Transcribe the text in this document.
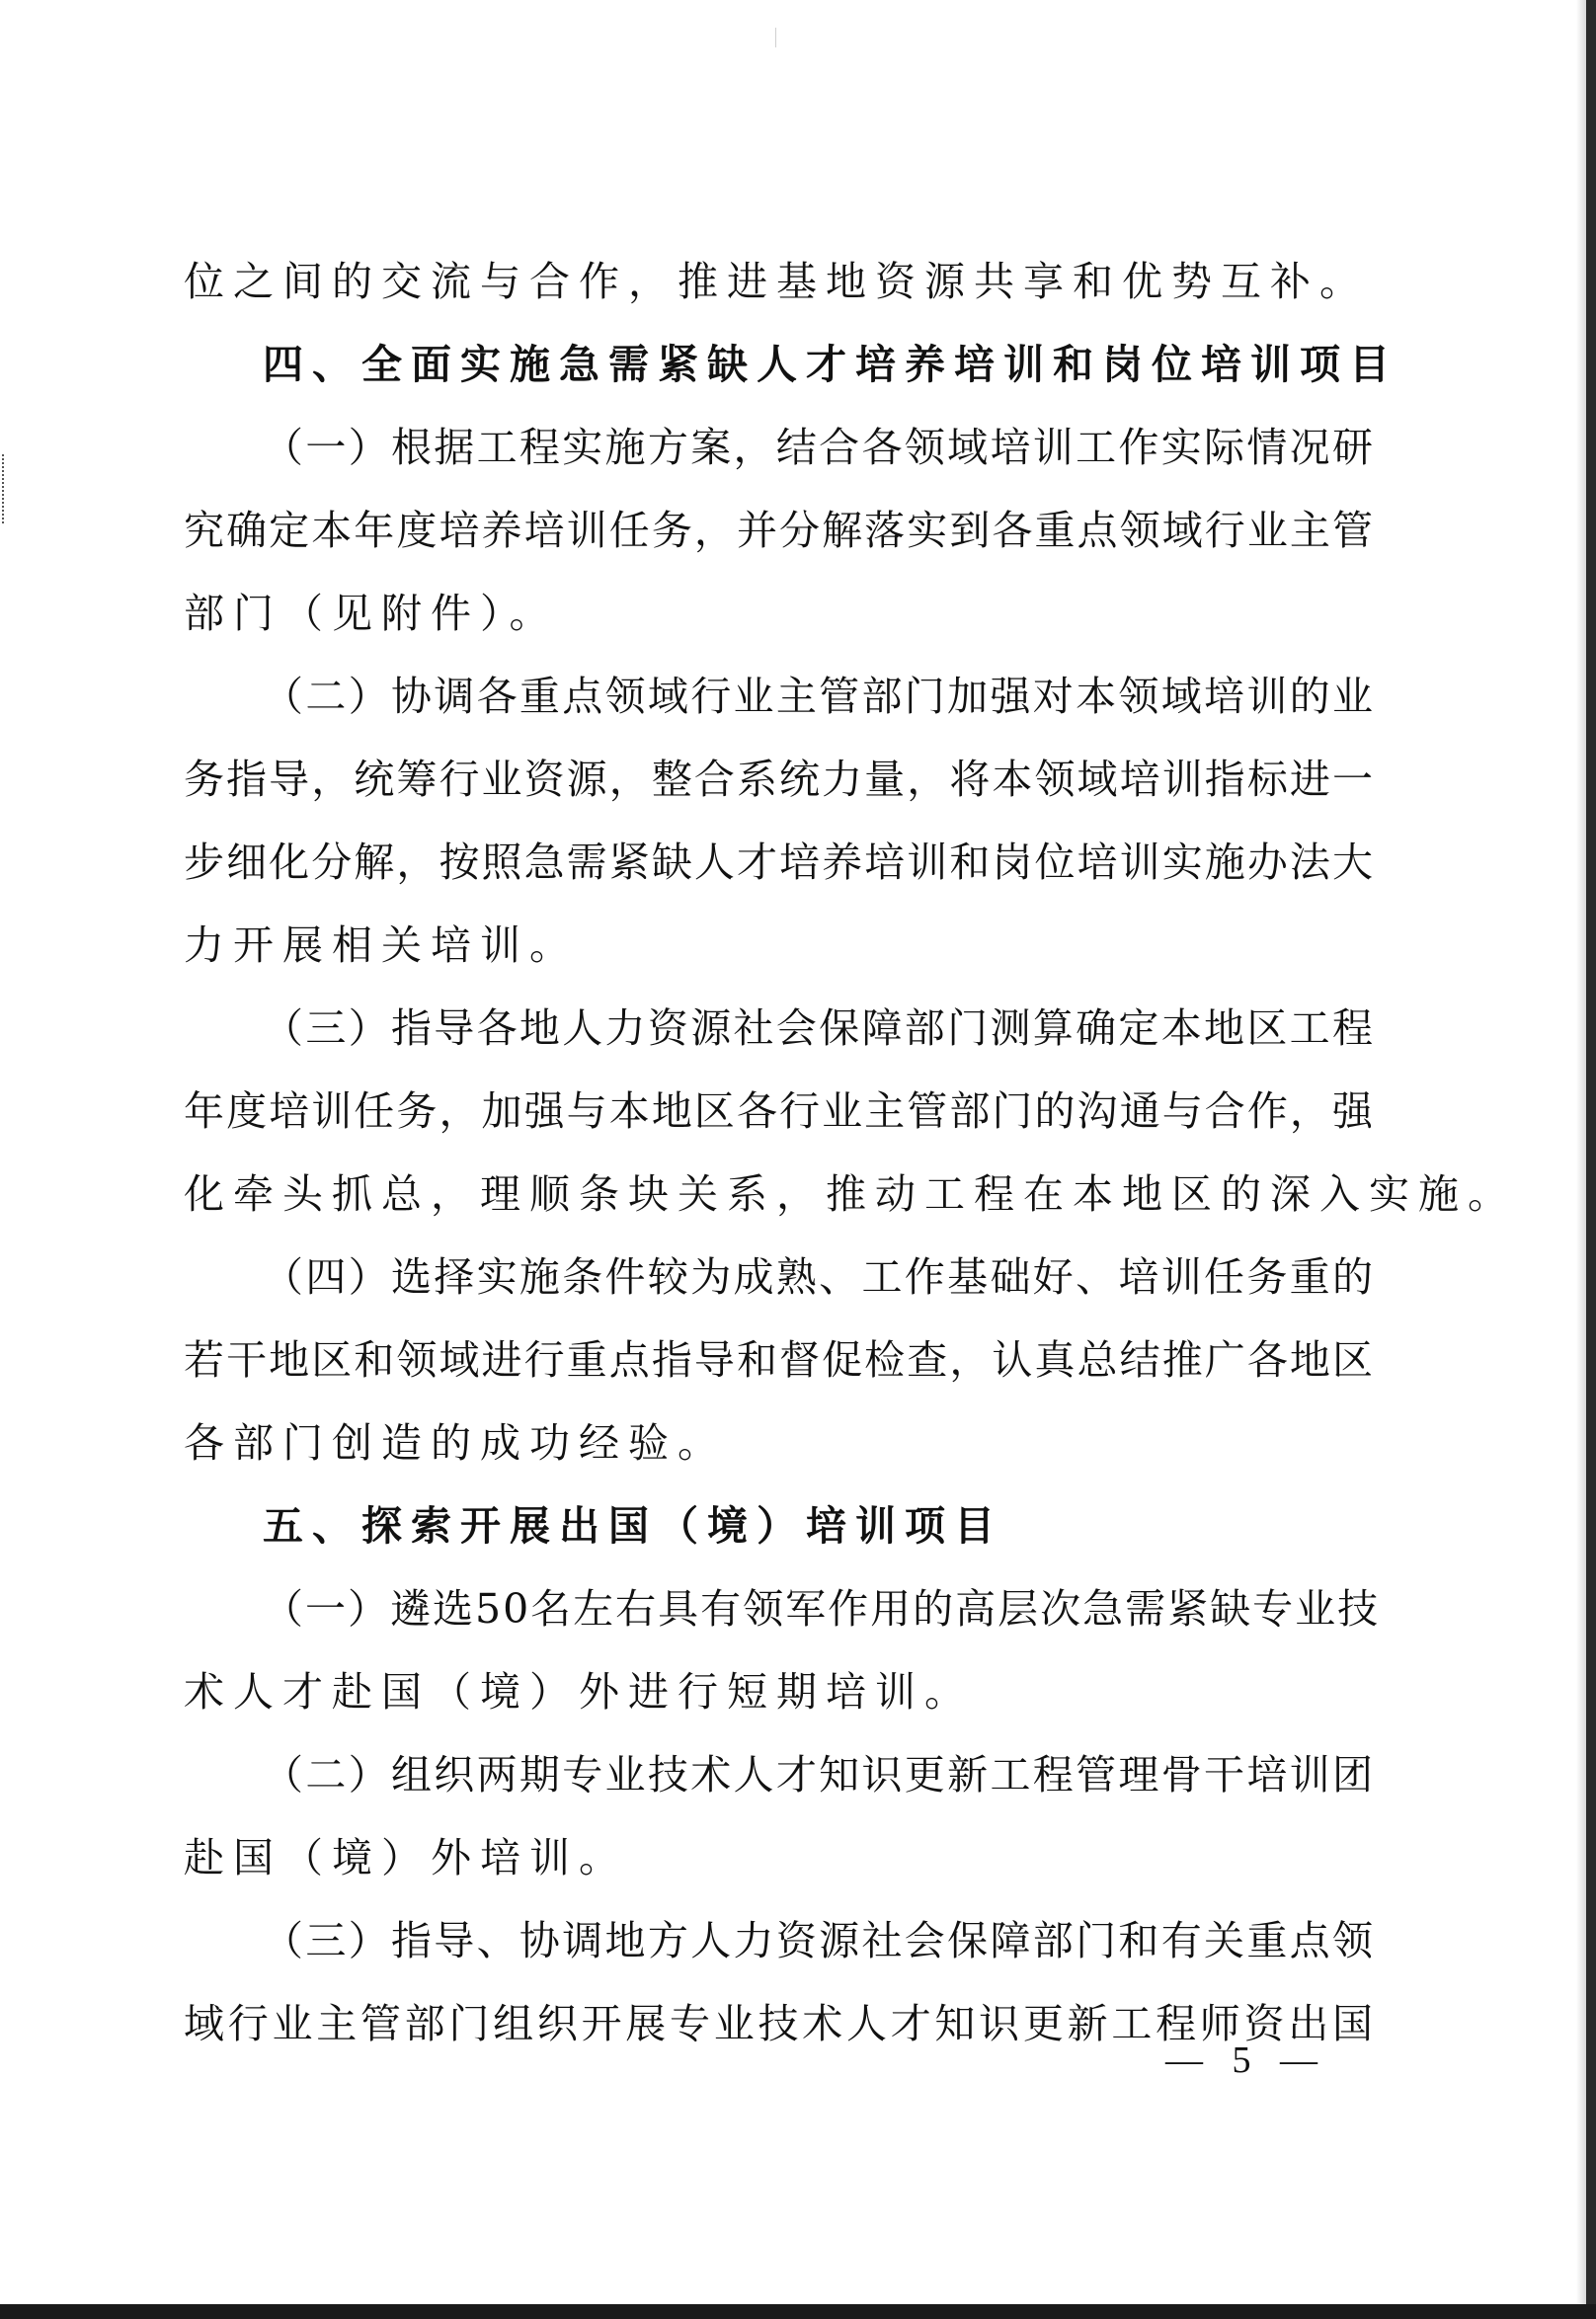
位之间的交流与合作，推进基地资源共享和优势互补。
四、全面实施急需紧缺人才培养培训和岗位培训项目
（一）根据工程实施方案，结合各领域培训工作实际情况研
究确定本年度培养培训任务，并分解落实到各重点领域行业主管
部门（见附件）。
（二）协调各重点领域行业主管部门加强对本领域培训的业
务指导，统筹行业资源，整合系统力量，将本领域培训指标进一
步细化分解，按照急需紧缺人才培养培训和岗位培训实施办法大
力开展相关培训。
（三）指导各地人力资源社会保障部门测算确定本地区工程
年度培训任务，加强与本地区各行业主管部门的沟通与合作，强
化牵头抓总，理顺条块关系，推动工程在本地区的深入实施。
（四）选择实施条件较为成熟、工作基础好、培训任务重的
若干地区和领域进行重点指导和督促检查，认真总结推广各地区
各部门创造的成功经验。
五、探索开展出国（境）培训项目
（一）遴选50名左右具有领军作用的高层次急需紧缺专业技
术人才赴国（境）外进行短期培训。
（二）组织两期专业技术人才知识更新工程管理骨干培训团
赴国（境）外培训。
（三）指导、协调地方人力资源社会保障部门和有关重点领
域行业主管部门组织开展专业技术人才知识更新工程师资出国
— 5 —
